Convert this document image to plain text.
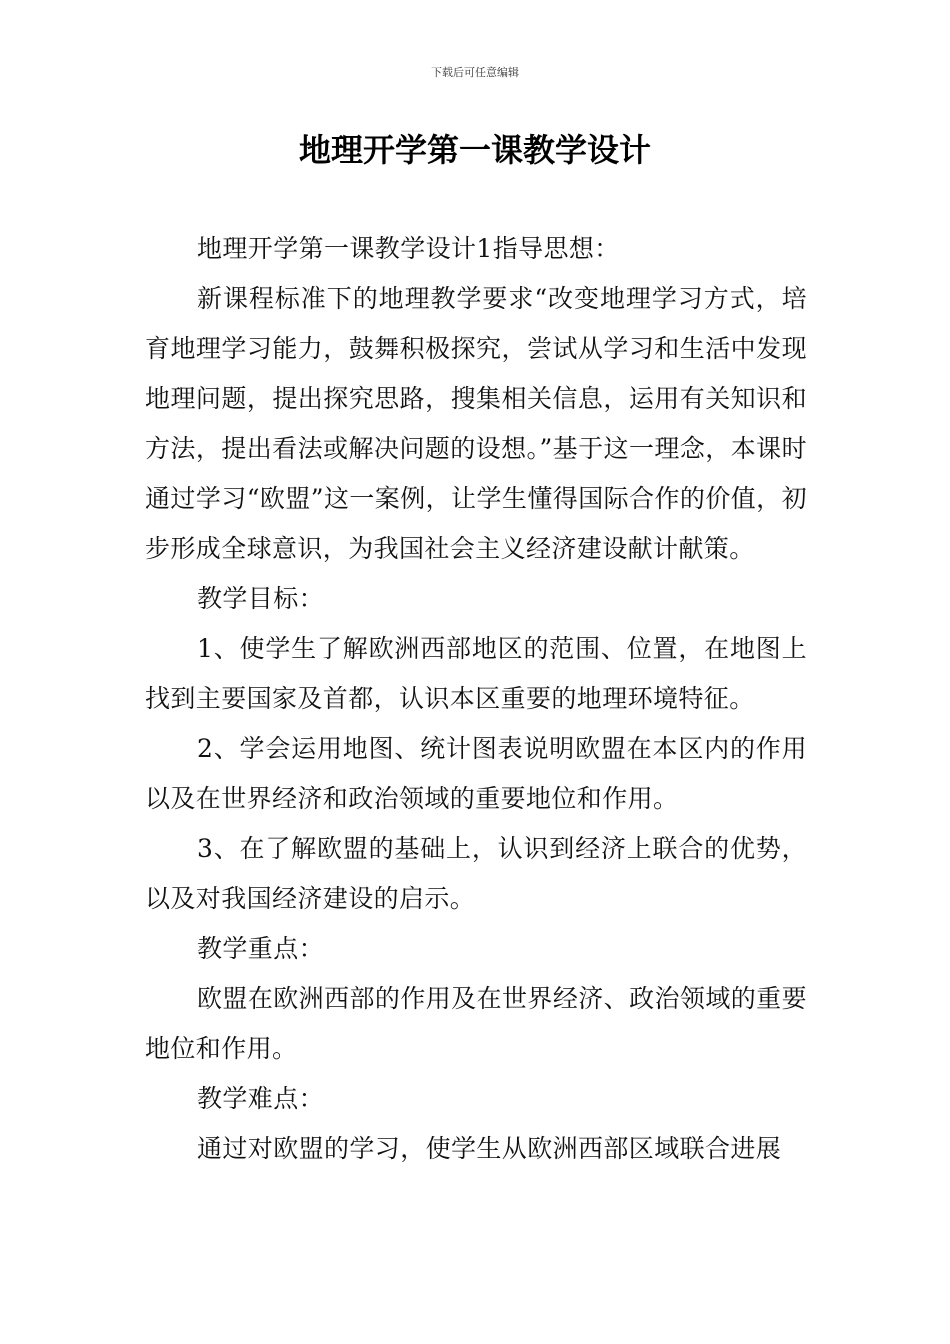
下载后可任意编辑
地理开学第一课教学设计

地理开学第一课教学设计1指导思想：

新课程标准下的地理教学要求“改变地理学习方式，培育地理学习能力，鼓舞积极探究，尝试从学习和生活中发现地理问题，提出探究思路，搜集相关信息，运用有关知识和方法，提出看法或解决问题的设想。”基于这一理念，本课时通过学习“欧盟”这一案例，让学生懂得国际合作的价值，初步形成全球意识，为我国社会主义经济建设献计献策。

教学目标：

1、使学生了解欧洲西部地区的范围、位置，在地图上找到主要国家及首都，认识本区重要的地理环境特征。

2、学会运用地图、统计图表说明欧盟在本区内的作用以及在世界经济和政治领域的重要地位和作用。

3、在了解欧盟的基础上，认识到经济上联合的优势，以及对我国经济建设的启示。

教学重点：

欧盟在欧洲西部的作用及在世界经济、政治领域的重要地位和作用。

教学难点：

通过对欧盟的学习，使学生从欧洲西部区域联合进展
